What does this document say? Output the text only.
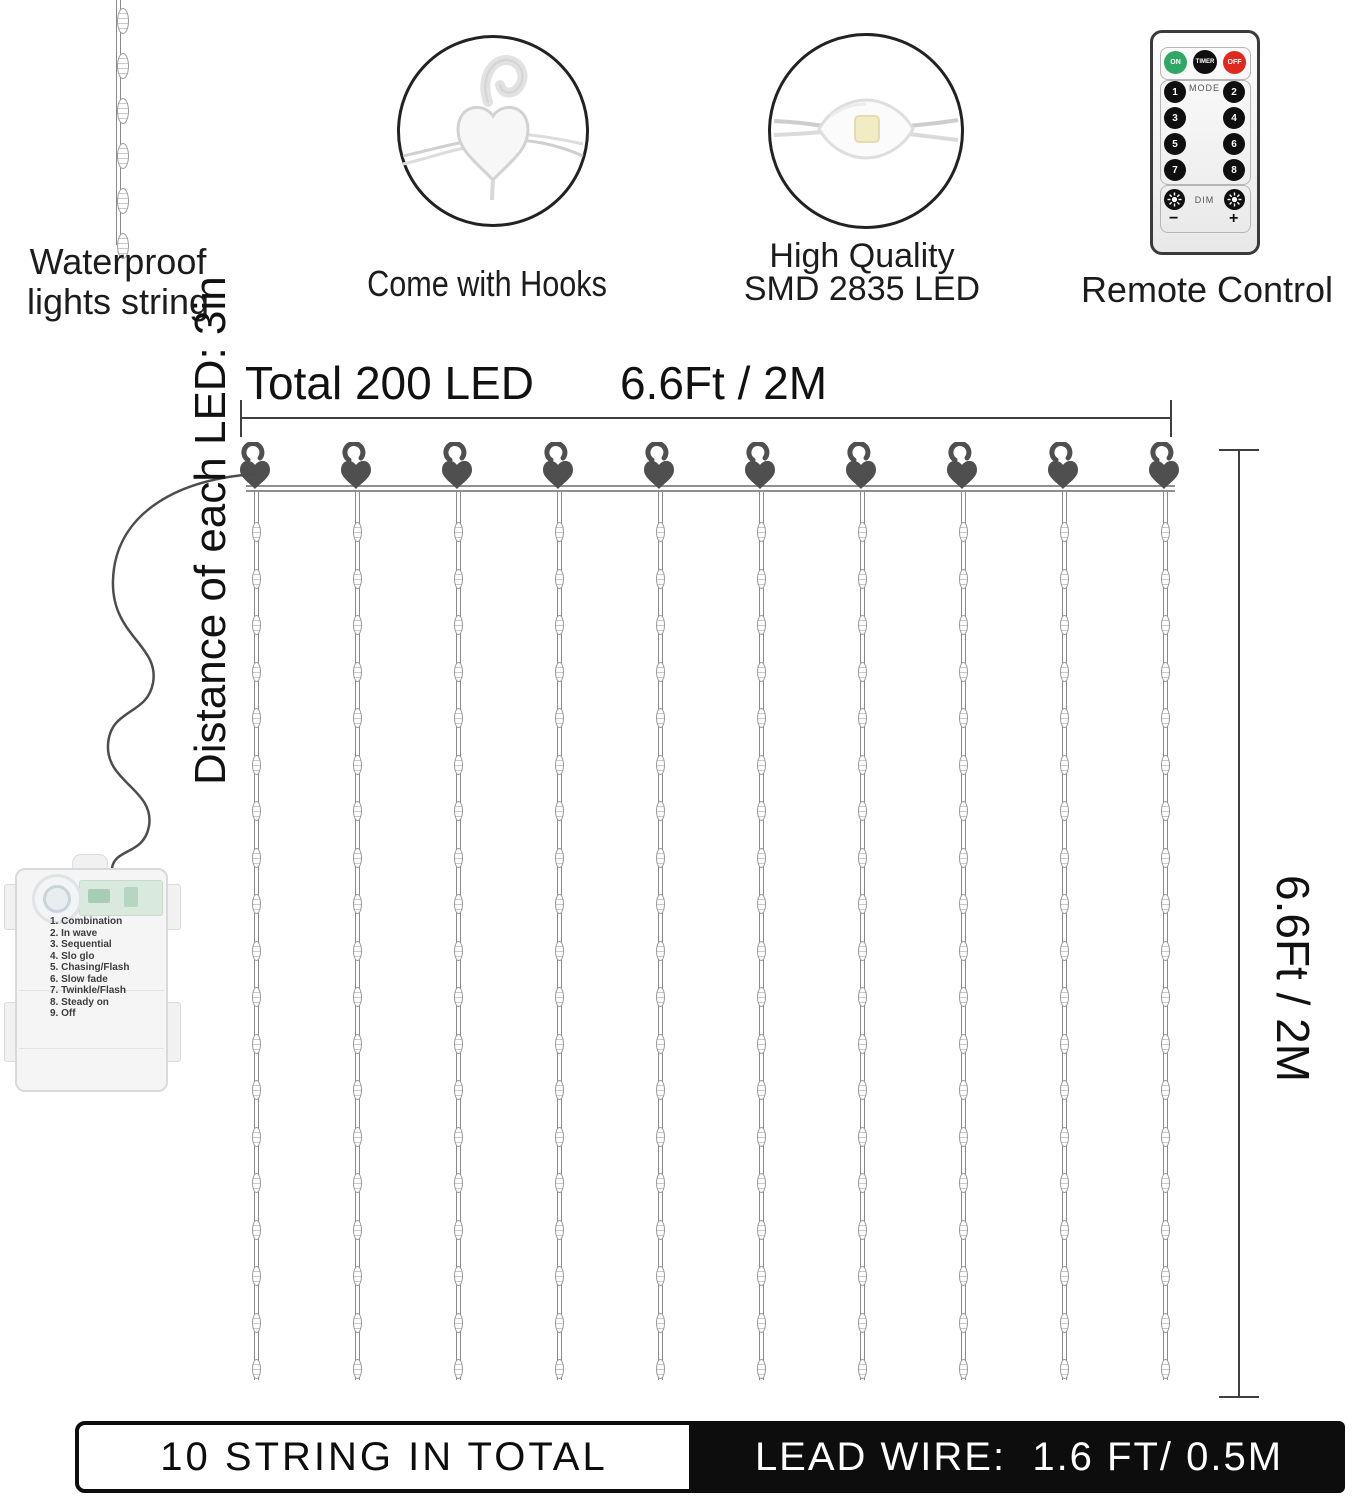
Waterproof
lights string	Come with Hooks
High Quality
SMD 2835 LED
ON	TIMER	OFF
MODE
1	2
3	4
5	6
7	8
DIM
−	+
Remote Control
Total 200 LED 6.6Ft / 2M
1. Combination
2. In wave
3. Sequential
4. Slo glo
5. Chasing/Flash
6. Slow fade
7. Twinkle/Flash
8. Steady on
9. Off
Distance of each LED: 3in
6.6Ft / 2M
10 STRING IN TOTAL	LEAD WIRE:  1.6 FT/ 0.5M
